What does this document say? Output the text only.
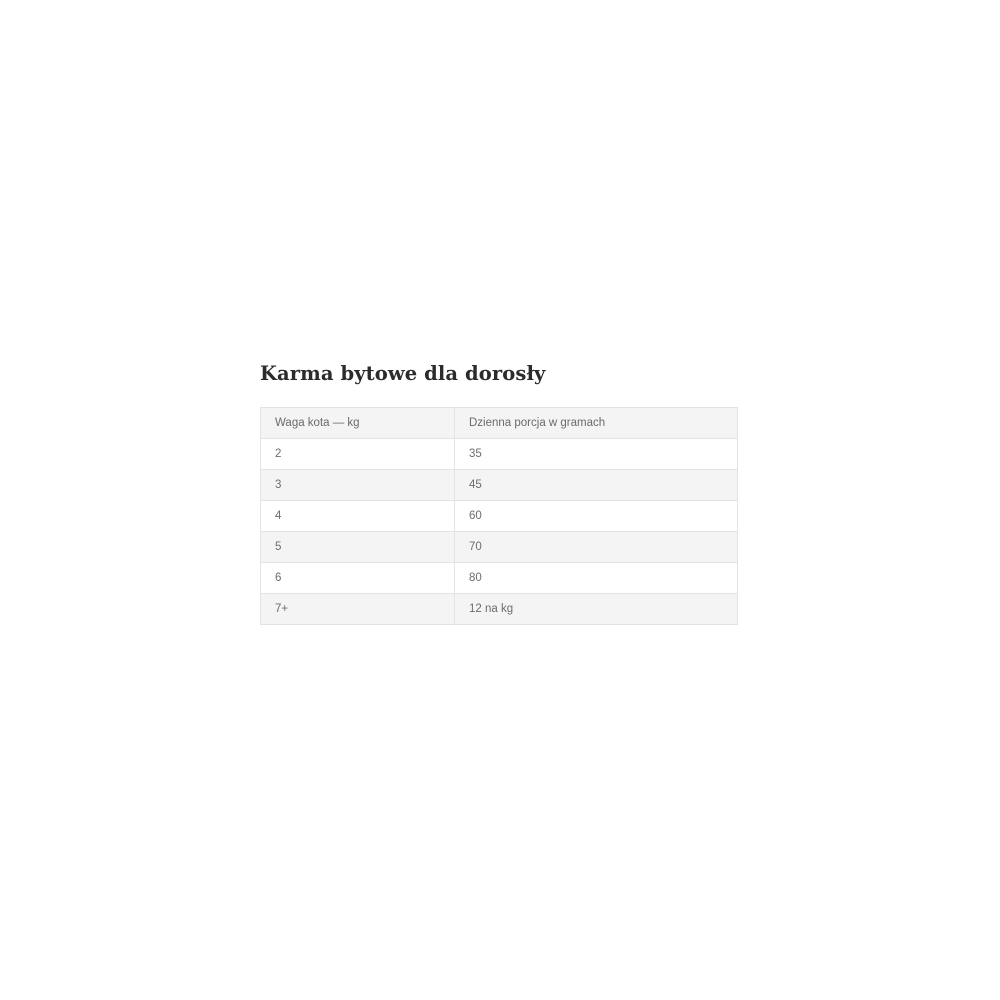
Karma bytowe dla dorosły
Waga kota — kg	Dzienna porcja w gramach
2	35
3	45
4	60
5	70
6	80
7+	12 na kg
